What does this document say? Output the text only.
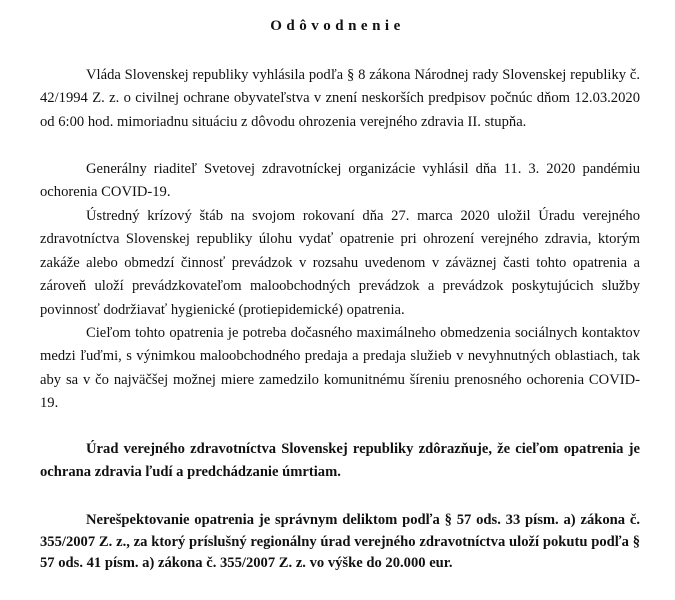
Odôvodnenie

Vláda Slovenskej republiky vyhlásila podľa § 8 zákona Národnej rady Slovenskej republiky č. 42/1994 Z. z. o civilnej ochrane obyvateľstva v znení neskorších predpisov počnúc dňom 12.03.2020 od 6:00 hod. mimoriadnu situáciu z dôvodu ohrozenia verejného zdravia II. stupňa.

Generálny riaditeľ Svetovej zdravotníckej organizácie vyhlásil dňa 11. 3. 2020 pandémiu ochorenia COVID-19.

Ústredný krízový štáb na svojom rokovaní dňa 27. marca 2020 uložil Úradu verejného zdravotníctva Slovenskej republiky úlohu vydať opatrenie pri ohrození verejného zdravia, ktorým zakáže alebo obmedzí činnosť prevádzok v rozsahu uvedenom v záväznej časti tohto opatrenia a zároveň uloží prevádzkovateľom maloobchodných prevádzok a prevádzok poskytujúcich služby povinnosť dodržiavať hygienické (protiepidemické) opatrenia.

Cieľom tohto opatrenia je potreba dočasného maximálneho obmedzenia sociálnych kontaktov medzi ľuďmi, s výnimkou maloobchodného predaja a predaja služieb v nevyhnutných oblastiach, tak aby sa v čo najväčšej možnej miere zamedzilo komunitnému šíreniu prenosného ochorenia COVID-19.

Úrad verejného zdravotníctva Slovenskej republiky zdôrazňuje, že cieľom opatrenia je ochrana zdravia ľudí a predchádzanie úmrtiam.

Nerešpektovanie opatrenia je správnym deliktom podľa § 57 ods. 33 písm. a) zákona č. 355/2007 Z. z., za ktorý príslušný regionálny úrad verejného zdravotníctva uloží pokutu podľa § 57 ods. 41 písm. a) zákona č. 355/2007 Z. z. vo výške do 20.000 eur.
